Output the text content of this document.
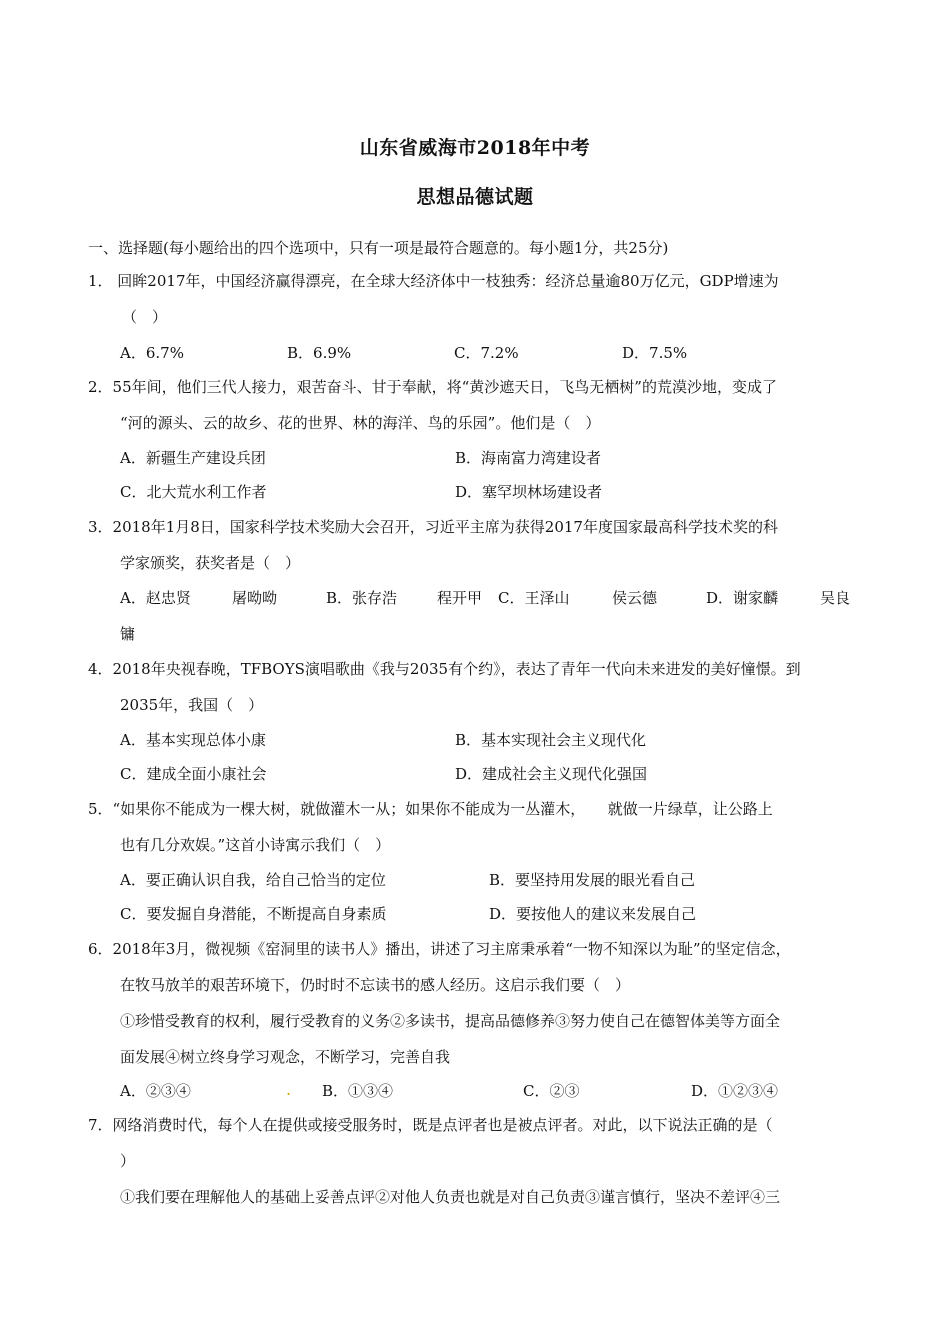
山东省威海市2018年中考
思想品德试题
一、选择题(每小题给出的四个选项中，只有一项是最符合题意的。每小题1分，共25分)
1． 回眸2017年，中国经济赢得漂亮，在全球大经济体中一枝独秀：经济总量逾80万亿元，GDP增速为
（　）
A．6.7%	B．6.9%	C．7.2%	D．7.5%
2．55年间，他们三代人接力，艰苦奋斗、甘于奉献，将“黄沙遮天日，飞鸟无栖树”的荒漠沙地，变成了
“河的源头、云的故乡、花的世界、林的海洋、鸟的乐园”。他们是（　）
A．新疆生产建设兵团	B．海南富力湾建设者
C．北大荒水利工作者	D．塞罕坝林场建设者
3．2018年1月8日，国家科学技术奖励大会召开，习近平主席为获得2017年度国家最高科学技术奖的科
学家颁奖，获奖者是（　）
A．赵忠贤	屠呦呦	B．张存浩	程开甲 C．王泽山	侯云德	D．谢家麟	吴良
镛
4．2018年央视春晚，TFBOYS演唱歌曲《我与2035有个约》，表达了青年一代向未来进发的美好憧憬。到
2035年，我国（　）
A．基本实现总体小康	B．基本实现社会主义现代化
C．建成全面小康社会	D．建成社会主义现代化强国
5．“如果你不能成为一棵大树，就做灌木一从；如果你不能成为一丛灌木，　　就做一片绿草，让公路上
也有几分欢娱。”这首小诗寓示我们（　）
A．要正确认识自我，给自己恰当的定位	B．要坚持用发展的眼光看自己
C．要发掘自身潜能，不断提高自身素质	D．要按他人的建议来发展自己
6．2018年3月，微视频《窑洞里的读书人》播出，讲述了习主席秉承着“一物不知深以为耻”的坚定信念，
在牧马放羊的艰苦环境下，仍时时不忘读书的感人经历。这启示我们要（　）
①珍惜受教育的权利，履行受教育的义务②多读书，提高品德修养③努力使自己在德智体美等方面全
面发展④树立终身学习观念，不断学习，完善自我
A．②③④	. B．①③④	C．②③	D．①②③④
7．网络消费时代，每个人在提供或接受服务时，既是点评者也是被点评者。对此，以下说法正确的是（
）
①我们要在理解他人的基础上妥善点评②对他人负责也就是对自己负责③谨言慎行，坚决不差评④三
